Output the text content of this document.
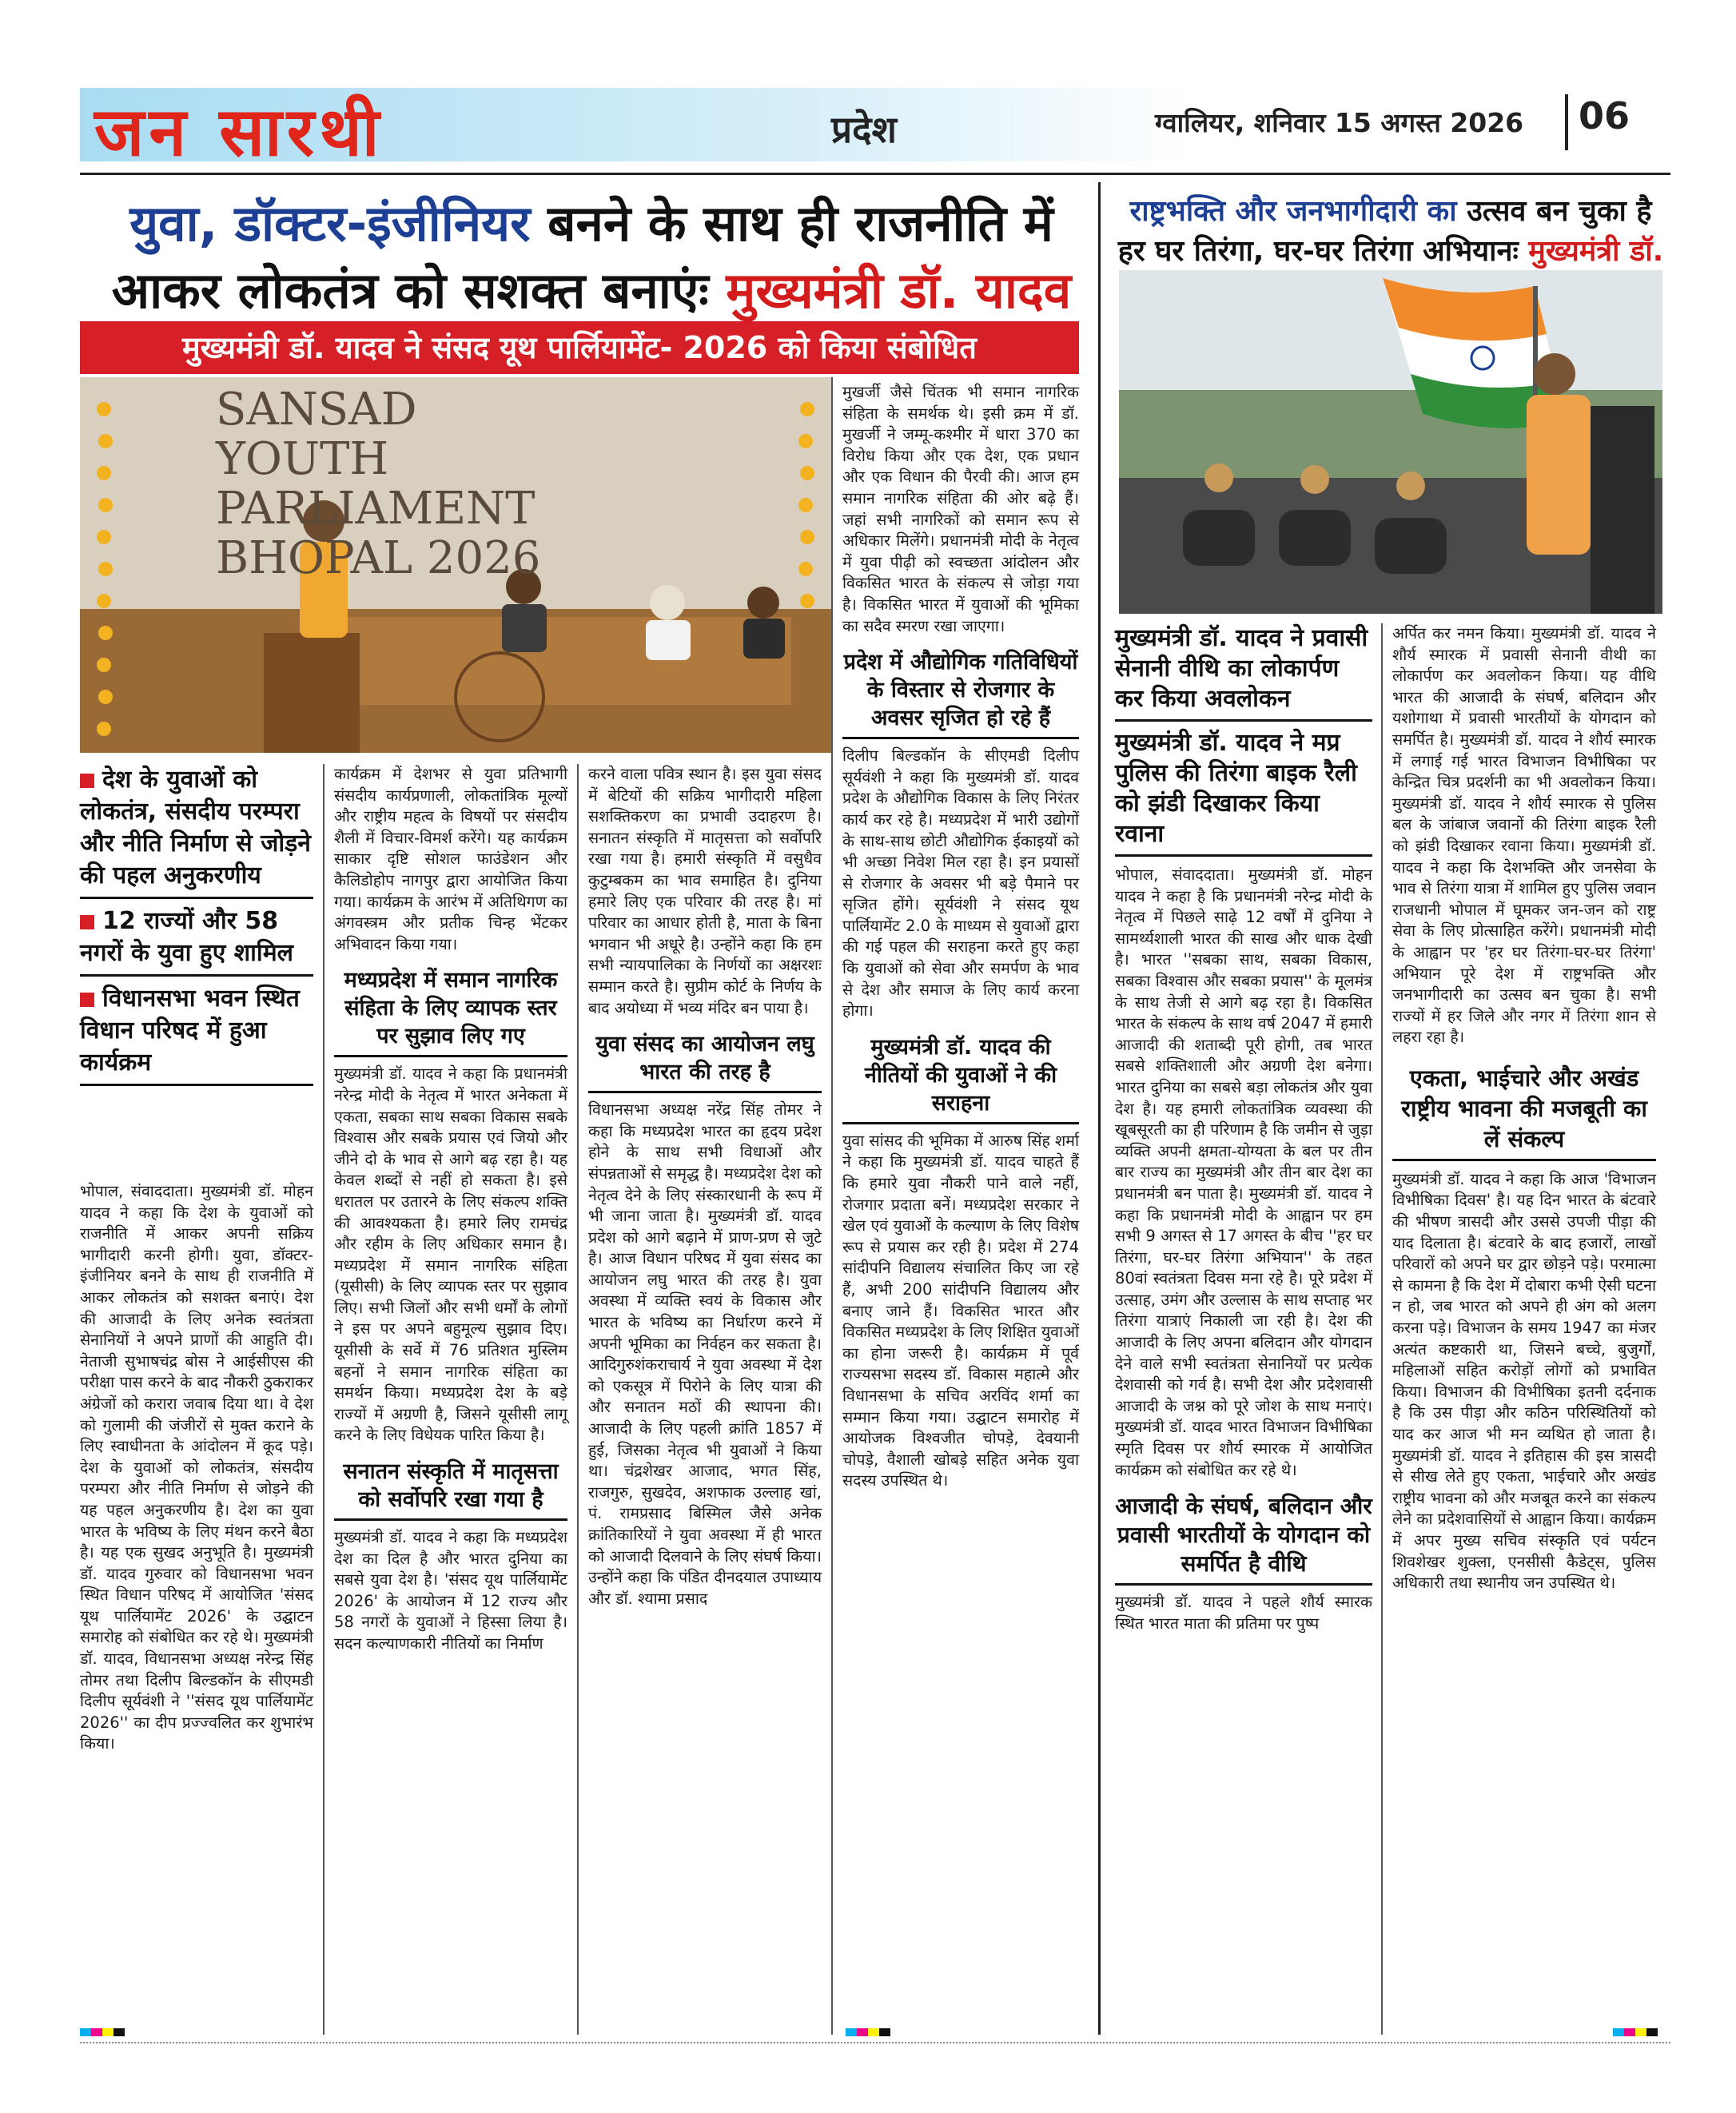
जन सारथी	प्रदेश	ग्वालियर, शनिवार 15 अगस्त 2026 06
युवा, डॉक्टर-इंजीनियर बनने के साथ ही राजनीति में आकर लोकतंत्र को सशक्त बनाएंः मुख्यमंत्री डॉ. यादव
मुख्यमंत्री डॉ. यादव ने संसद यूथ पार्लियामेंट- 2026 को किया संबोधित
SANSAD YOUTH PARLIAMENT BHOPAL 2026
देश के युवाओं को लोकतंत्र, संसदीय परम्परा और नीति निर्माण से जोड़ने की पहल अनुकरणीय
12 राज्यों और 58 नगरों के युवा हुए शामिल
विधानसभा भवन स्थित विधान परिषद में हुआ कार्यक्रम

भोपाल, संवाददाता। मुख्यमंत्री डॉ. मोहन यादव ने कहा कि देश के युवाओं को राजनीति में आकर अपनी सक्रिय भागीदारी करनी होगी। युवा, डॉक्टर-इंजीनियर बनने के साथ ही राजनीति में आकर लोकतंत्र को सशक्त बनाएं। देश की आजादी के लिए अनेक स्वतंत्रता सेनानियों ने अपने प्राणों की आहुति दी। नेताजी सुभाषचंद्र बोस ने आईसीएस की परीक्षा पास करने के बाद नौकरी ठुकराकर अंग्रेजों को करारा जवाब दिया था। वे देश को गुलामी की जंजीरों से मुक्त कराने के लिए स्वाधीनता के आंदोलन में कूद पड़े। देश के युवाओं को लोकतंत्र, संसदीय परम्परा और नीति निर्माण से जोड़ने की यह पहल अनुकरणीय है। देश का युवा भारत के भविष्य के लिए मंथन करने बैठा है। यह एक सुखद अनुभूति है। मुख्यमंत्री डॉ. यादव गुरुवार को विधानसभा भवन स्थित विधान परिषद में आयोजित 'संसद यूथ पार्लियामेंट 2026' के उद्घाटन समारोह को संबोधित कर रहे थे। मुख्यमंत्री डॉ. यादव, विधानसभा अध्यक्ष नरेन्द्र सिंह तोमर तथा दिलीप बिल्डकॉन के सीएमडी दिलीप सूर्यवंशी ने ''संसद यूथ पार्लियामेंट 2026'' का दीप प्रज्ज्वलित कर शुभारंभ किया।

कार्यक्रम में देशभर से युवा प्रतिभागी संसदीय कार्यप्रणाली, लोकतांत्रिक मूल्यों और राष्ट्रीय महत्व के विषयों पर संसदीय शैली में विचार-विमर्श करेंगे। यह कार्यक्रम साकार दृष्टि सोशल फाउंडेशन और कैलिडोहोप नागपुर द्वारा आयोजित किया गया। कार्यक्रम के आरंभ में अतिथिगण का अंगवस्त्रम और प्रतीक चिन्ह भेंटकर अभिवादन किया गया।

मध्यप्रदेश में समान नागरिक संहिता के लिए व्यापक स्तर पर सुझाव लिए गए

मुख्यमंत्री डॉ. यादव ने कहा कि प्रधानमंत्री नरेन्द्र मोदी के नेतृत्व में भारत अनेकता में एकता, सबका साथ सबका विकास सबके विश्वास और सबके प्रयास एवं जियो और जीने दो के भाव से आगे बढ़ रहा है। यह केवल शब्दों से नहीं हो सकता है। इसे धरातल पर उतारने के लिए संकल्प शक्ति की आवश्यकता है। हमारे लिए रामचंद्र और रहीम के लिए अधिकार समान है। मध्यप्रदेश में समान नागरिक संहिता (यूसीसी) के लिए व्यापक स्तर पर सुझाव लिए। सभी जिलों और सभी धर्मों के लोगों ने इस पर अपने बहुमूल्य सुझाव दिए। यूसीसी के सर्वे में 76 प्रतिशत मुस्लिम बहनों ने समान नागरिक संहिता का समर्थन किया। मध्यप्रदेश देश के बड़े राज्यों में अग्रणी है, जिसने यूसीसी लागू करने के लिए विधेयक पारित किया है।

सनातन संस्कृति में मातृसत्ता को सर्वोपरि रखा गया है

मुख्यमंत्री डॉ. यादव ने कहा कि मध्यप्रदेश देश का दिल है और भारत दुनिया का सबसे युवा देश है। 'संसद यूथ पार्लियामेंट 2026' के आयोजन में 12 राज्य और 58 नगरों के युवाओं ने हिस्सा लिया है। सदन कल्याणकारी नीतियों का निर्माण

करने वाला पवित्र स्थान है। इस युवा संसद में बेटियों की सक्रिय भागीदारी महिला सशक्तिकरण का प्रभावी उदाहरण है। सनातन संस्कृति में मातृसत्ता को सर्वोपरि रखा गया है। हमारी संस्कृति में वसुधैव कुटुम्बकम का भाव समाहित है। दुनिया हमारे लिए एक परिवार की तरह है। मां परिवार का आधार होती है, माता के बिना भगवान भी अधूरे है। उन्होंने कहा कि हम सभी न्यायपालिका के निर्णयों का अक्षरशः सम्मान करते है। सुप्रीम कोर्ट के निर्णय के बाद अयोध्या में भव्य मंदिर बन पाया है।

युवा संसद का आयोजन लघु भारत की तरह है

विधानसभा अध्यक्ष नरेंद्र सिंह तोमर ने कहा कि मध्यप्रदेश भारत का हृदय प्रदेश होने के साथ सभी विधाओं और संपन्नताओं से समृद्ध है। मध्यप्रदेश देश को नेतृत्व देने के लिए संस्कारधानी के रूप में भी जाना जाता है। मुख्यमंत्री डॉ. यादव प्रदेश को आगे बढ़ाने में प्राण-प्रण से जुटे है। आज विधान परिषद में युवा संसद का आयोजन लघु भारत की तरह है। युवा अवस्था में व्यक्ति स्वयं के विकास और भारत के भविष्य का निर्धारण करने में अपनी भूमिका का निर्वहन कर सकता है। आदिगुरुशंकराचार्य ने युवा अवस्था में देश को एकसूत्र में पिरोने के लिए यात्रा की और सनातन मठों की स्थापना की। आजादी के लिए पहली क्रांति 1857 में हुई, जिसका नेतृत्व भी युवाओं ने किया था। चंद्रशेखर आजाद, भगत सिंह, राजगुरु, सुखदेव, अशफाक उल्लाह खां, पं. रामप्रसाद बिस्मिल जैसे अनेक क्रांतिकारियों ने युवा अवस्था में ही भारत को आजादी दिलवाने के लिए संघर्ष किया। उन्होंने कहा कि पंडित दीनदयाल उपाध्याय और डॉ. श्यामा प्रसाद

मुखर्जी जैसे चिंतक भी समान नागरिक संहिता के समर्थक थे। इसी क्रम में डॉ. मुखर्जी ने जम्मू-कश्मीर में धारा 370 का विरोध किया और एक देश, एक प्रधान और एक विधान की पैरवी की। आज हम समान नागरिक संहिता की ओर बढ़े हैं। जहां सभी नागरिकों को समान रूप से अधिकार मिलेंगे। प्रधानमंत्री मोदी के नेतृत्व में युवा पीढ़ी को स्वच्छता आंदोलन और विकसित भारत के संकल्प से जोड़ा गया है। विकसित भारत में युवाओं की भूमिका का सदैव स्मरण रखा जाएगा।

प्रदेश में औद्योगिक गतिविधियों के विस्तार से रोजगार के अवसर सृजित हो रहे हैं

दिलीप बिल्डकॉन के सीएमडी दिलीप सूर्यवंशी ने कहा कि मुख्यमंत्री डॉ. यादव प्रदेश के औद्योगिक विकास के लिए निरंतर कार्य कर रहे है। मध्यप्रदेश में भारी उद्योगों के साथ-साथ छोटी औद्योगिक ईकाइयों को भी अच्छा निवेश मिल रहा है। इन प्रयासों से रोजगार के अवसर भी बड़े पैमाने पर सृजित होंगे। सूर्यवंशी ने संसद यूथ पार्लियामेंट 2.0 के माध्यम से युवाओं द्वारा की गई पहल की सराहना करते हुए कहा कि युवाओं को सेवा और समर्पण के भाव से देश और समाज के लिए कार्य करना होगा।

मुख्यमंत्री डॉ. यादव की नीतियों की युवाओं ने की सराहना

युवा सांसद की भूमिका में आरुष सिंह शर्मा ने कहा कि मुख्यमंत्री डॉ. यादव चाहते हैं कि हमारे युवा नौकरी पाने वाले नहीं, रोजगार प्रदाता बनें। मध्यप्रदेश सरकार ने खेल एवं युवाओं के कल्याण के लिए विशेष रूप से प्रयास कर रही है। प्रदेश में 274 सांदीपनि विद्यालय संचालित किए जा रहे हैं, अभी 200 सांदीपनि विद्यालय और बनाए जाने हैं। विकसित भारत और विकसित मध्यप्रदेश के लिए शिक्षित युवाओं का होना जरूरी है। कार्यक्रम में पूर्व राज्यसभा सदस्य डॉ. विकास महात्मे और विधानसभा के सचिव अरविंद शर्मा का सम्मान किया गया। उद्घाटन समारोह में आयोजक विश्वजीत चोपड़े, देवयानी चोपड़े, वैशाली खोबड़े सहित अनेक युवा सदस्य उपस्थित थे।

राष्ट्रभक्ति और जनभागीदारी का उत्सव बन चुका है हर घर तिरंगा, घर-घर तिरंगा अभियानः मुख्यमंत्री डॉ.
मुख्यमंत्री डॉ. यादव ने प्रवासी सेनानी वीथि का लोकार्पण कर किया अवलोकन
मुख्यमंत्री डॉ. यादव ने मप्र पुलिस की तिरंगा बाइक रैली को झंडी दिखाकर किया रवाना

भोपाल, संवाददाता। मुख्यमंत्री डॉ. मोहन यादव ने कहा है कि प्रधानमंत्री नरेन्द्र मोदी के नेतृत्व में पिछले साढ़े 12 वर्षों में दुनिया ने सामर्थ्यशाली भारत की साख और धाक देखी है। भारत ''सबका साथ, सबका विकास, सबका विश्वास और सबका प्रयास'' के मूलमंत्र के साथ तेजी से आगे बढ़ रहा है। विकसित भारत के संकल्प के साथ वर्ष 2047 में हमारी आजादी की शताब्दी पूरी होगी, तब भारत सबसे शक्तिशाली और अग्रणी देश बनेगा। भारत दुनिया का सबसे बड़ा लोकतंत्र और युवा देश है। यह हमारी लोकतांत्रिक व्यवस्था की खूबसूरती का ही परिणाम है कि जमीन से जुड़ा व्यक्ति अपनी क्षमता-योग्यता के बल पर तीन बार राज्य का मुख्यमंत्री और तीन बार देश का प्रधानमंत्री बन पाता है। मुख्यमंत्री डॉ. यादव ने कहा कि प्रधानमंत्री मोदी के आह्वान पर हम सभी 9 अगस्त से 17 अगस्त के बीच ''हर घर तिरंगा, घर-घर तिरंगा अभियान'' के तहत 80वां स्वतंत्रता दिवस मना रहे है। पूरे प्रदेश में उत्साह, उमंग और उल्लास के साथ सप्ताह भर तिरंगा यात्राएं निकाली जा रही है। देश की आजादी के लिए अपना बलिदान और योगदान देने वाले सभी स्वतंत्रता सेनानियों पर प्रत्येक देशवासी को गर्व है। सभी देश और प्रदेशवासी आजादी के जश्न को पूरे जोश के साथ मनाएं। मुख्यमंत्री डॉ. यादव भारत विभाजन विभीषिका स्मृति दिवस पर शौर्य स्मारक में आयोजित कार्यक्रम को संबोधित कर रहे थे।

आजादी के संघर्ष, बलिदान और प्रवासी भारतीयों के योगदान को समर्पित है वीथि

मुख्यमंत्री डॉ. यादव ने पहले शौर्य स्मारक स्थित भारत माता की प्रतिमा पर पुष्प

अर्पित कर नमन किया। मुख्यमंत्री डॉ. यादव ने शौर्य स्मारक में प्रवासी सेनानी वीथी का लोकार्पण कर अवलोकन किया। यह वीथि भारत की आजादी के संघर्ष, बलिदान और यशोगाथा में प्रवासी भारतीयों के योगदान को समर्पित है। मुख्यमंत्री डॉ. यादव ने शौर्य स्मारक में लगाई गई भारत विभाजन विभीषिका पर केन्द्रित चित्र प्रदर्शनी का भी अवलोकन किया। मुख्यमंत्री डॉ. यादव ने शौर्य स्मारक से पुलिस बल के जांबाज जवानों की तिरंगा बाइक रैली को झंडी दिखाकर रवाना किया। मुख्यमंत्री डॉ. यादव ने कहा कि देशभक्ति और जनसेवा के भाव से तिरंगा यात्रा में शामिल हुए पुलिस जवान राजधानी भोपाल में घूमकर जन-जन को राष्ट्र सेवा के लिए प्रोत्साहित करेंगे। प्रधानमंत्री मोदी के आह्वान पर 'हर घर तिरंगा-घर-घर तिरंगा' अभियान पूरे देश में राष्ट्रभक्ति और जनभागीदारी का उत्सव बन चुका है। सभी राज्यों में हर जिले और नगर में तिरंगा शान से लहरा रहा है।

एकता, भाईचारे और अखंड राष्ट्रीय भावना की मजबूती का लें संकल्प

मुख्यमंत्री डॉ. यादव ने कहा कि आज 'विभाजन विभीषिका दिवस' है। यह दिन भारत के बंटवारे की भीषण त्रासदी और उससे उपजी पीड़ा की याद दिलाता है। बंटवारे के बाद हजारों, लाखों परिवारों को अपने घर द्वार छोड़ने पड़े। परमात्मा से कामना है कि देश में दोबारा कभी ऐसी घटना न हो, जब भारत को अपने ही अंग को अलग करना पड़े। विभाजन के समय 1947 का मंजर अत्यंत कष्टकारी था, जिसने बच्चे, बुजुर्गों, महिलाओं सहित करोड़ों लोगों को प्रभावित किया। विभाजन की विभीषिका इतनी दर्दनाक है कि उस पीड़ा और कठिन परिस्थितियों को याद कर आज भी मन व्यथित हो जाता है। मुख्यमंत्री डॉ. यादव ने इतिहास की इस त्रासदी से सीख लेते हुए एकता, भाईचारे और अखंड राष्ट्रीय भावना को और मजबूत करने का संकल्प लेने का प्रदेशवासियों से आह्वान किया। कार्यक्रम में अपर मुख्य सचिव संस्कृति एवं पर्यटन शिवशेखर शुक्ला, एनसीसी कैडेट्स, पुलिस अधिकारी तथा स्थानीय जन उपस्थित थे।
